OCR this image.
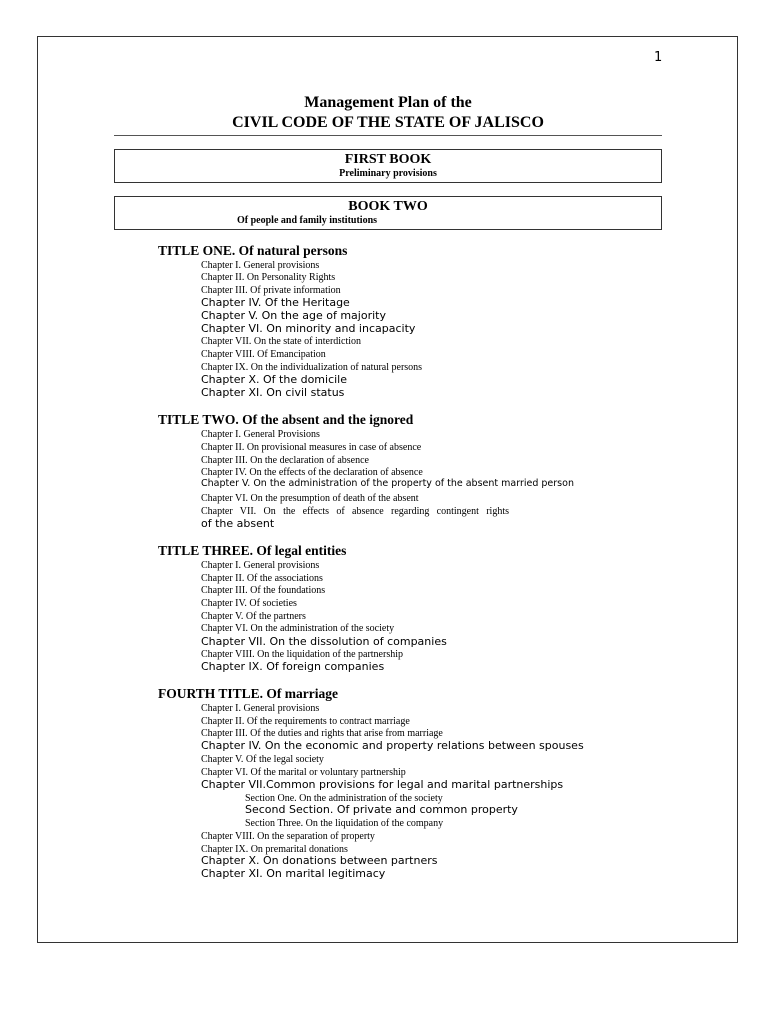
1
Management Plan of the
CIVIL CODE OF THE STATE OF JALISCO
FIRST BOOK
Preliminary provisions
BOOK TWO
Of people and family institutions
TITLE ONE. Of natural persons
Chapter I. General provisions
Chapter II. On Personality Rights
Chapter III. Of private information
Chapter IV. Of the Heritage
Chapter V. On the age of majority
Chapter VI. On minority and incapacity
Chapter VII. On the state of interdiction
Chapter VIII. Of Emancipation
Chapter IX. On the individualization of natural persons
Chapter X. Of the domicile
Chapter XI. On civil status
TITLE TWO. Of the absent and the ignored
Chapter I. General Provisions
Chapter II. On provisional measures in case of absence
Chapter III. On the declaration of absence
Chapter IV. On the effects of the declaration of absence
Chapter V. On the administration of the property of the absent married person
Chapter VI. On the presumption of death of the absent
Chapter VII. On the effects of absence regarding contingent rights
of the absent
TITLE THREE. Of legal entities
Chapter I. General provisions
Chapter II. Of the associations
Chapter III. Of the foundations
Chapter IV. Of societies
Chapter V. Of the partners
Chapter VI. On the administration of the society
Chapter VII. On the dissolution of companies
Chapter VIII. On the liquidation of the partnership
Chapter IX. Of foreign companies
FOURTH TITLE. Of marriage
Chapter I. General provisions
Chapter II. Of the requirements to contract marriage
Chapter III. Of the duties and rights that arise from marriage
Chapter IV. On the economic and property relations between spouses
Chapter V. Of the legal society
Chapter VI. Of the marital or voluntary partnership
Chapter VII.Common provisions for legal and marital partnerships
Section One. On the administration of the society
Second Section. Of private and common property
Section Three. On the liquidation of the company
Chapter VIII. On the separation of property
Chapter IX. On premarital donations
Chapter X. On donations between partners
Chapter XI. On marital legitimacy
